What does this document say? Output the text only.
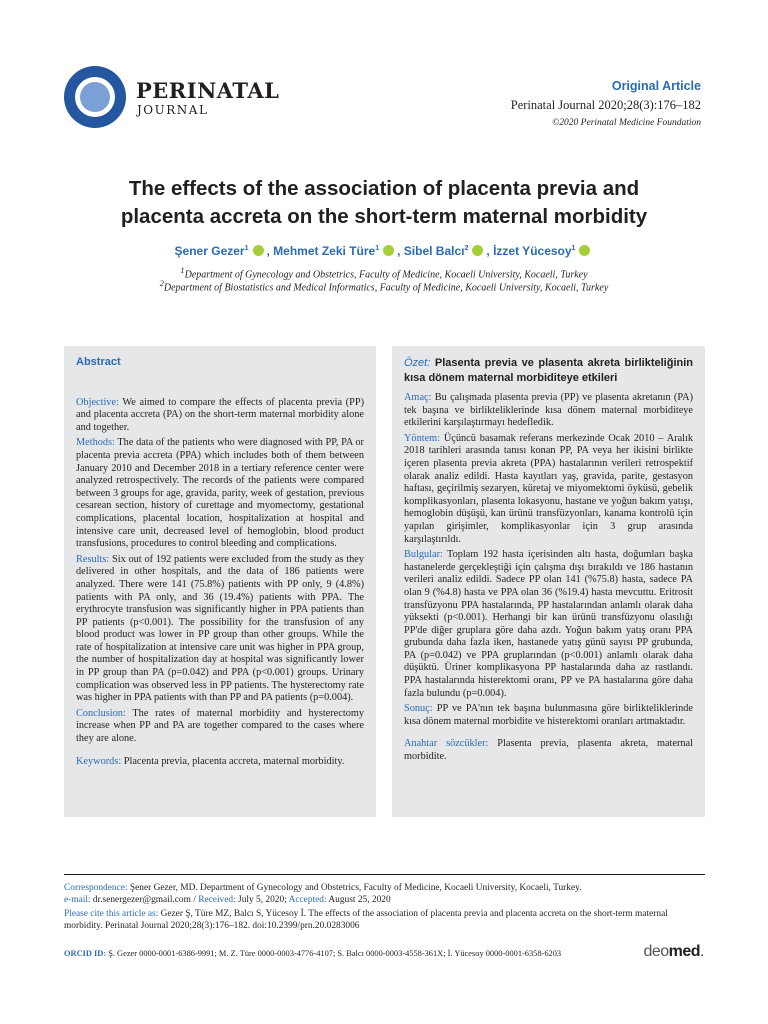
PERINATAL
JOURNAL
Original Article
Perinatal Journal 2020;28(3):176–182
©2020 Perinatal Medicine Foundation
The effects of the association of placenta previa and
placenta accreta on the short-term maternal morbidity
Şener Gezer$^1$ , Mehmet Zeki Türe$^1$ , Sibel Balcı$^2$ , İzzet Yücesoy$^1$
$^1$Department of Gynecology and Obstetrics, Faculty of Medicine, Kocaeli University, Kocaeli, Turkey
$^2$Department of Biostatistics and Medical Informatics, Faculty of Medicine, Kocaeli University, Kocaeli, Turkey
Abstract
Objective: We aimed to compare the effects of placenta previa (PP) and placenta accreta (PA) on the short-term maternal morbidity alone and together.
Methods: The data of the patients who were diagnosed with PP, PA or placenta previa accreta (PPA) which includes both of them between January 2010 and December 2018 in a tertiary reference center were analyzed retrospectively. The records of the patients were compared between 3 groups for age, gravida, parity, week of gestation, previous cesarean section, history of curettage and myomectomy, gestational complications, placental location, hospitalization at hospital and intensive care unit, decreased level of hemoglobin, blood product transfusions, procedures to control bleeding and complications.
Results: Six out of 192 patients were excluded from the study as they delivered in other hospitals, and the data of 186 patients were analyzed. There were 141 (75.8%) patients with PP only, 9 (4.8%) patients with PA only, and 36 (19.4%) patients with PPA. The erythrocyte transfusion was significantly higher in PPA patients than PP patients (p<0.001). The possibility for the transfusion of any blood product was lower in PP group than other groups. While the rate of hospitalization at intensive care unit was higher in PPA group, the number of hospitalization day at hospital was significantly lower in PP group than PA (p=0.042) and PPA (p<0.001) groups. Urinary complication was observed less in PP patients. The hysterectomy rate was higher in PPA patients with than PP and PA patients (p=0.004).
Conclusion: The rates of maternal morbidity and hysterectomy increase when PP and PA are together compared to the cases where they are alone.
Keywords: Placenta previa, placenta accreta, maternal morbidity.
Özet: Plasenta previa ve plasenta akreta birlikteliğinin kısa dönem maternal morbiditeye etkileri
Amaç: Bu çalışmada plasenta previa (PP) ve plasenta akretanın (PA) tek başına ve birlikteliklerinde kısa dönem maternal morbiditeye etkilerini karşılaştırmayı hedefledik.
Yöntem: Üçüncü basamak referans merkezinde Ocak 2010 – Aralık 2018 tarihleri arasında tanısı konan PP, PA veya her ikisini birlikte içeren plasenta previa akreta (PPA) hastalarının verileri retrospektif olarak analiz edildi. Hasta kayıtları yaş, gravida, parite, gestasyon haftası, geçirilmiş sezaryen, küretaj ve miyomektomi öyküsü, gebelik komplikasyonları, plasenta lokasyonu, hastane ve yoğun bakım yatışı, hemoglobin düşüşü, kan ürünü transfüzyonları, kanama kontrolü için yapılan girişimler, komplikasyonlar için 3 grup arasında karşılaştırıldı.
Bulgular: Toplam 192 hasta içerisinden altı hasta, doğumları başka hastanelerde gerçekleştiği için çalışma dışı bırakıldı ve 186 hastanın verileri analiz edildi. Sadece PP olan 141 (%75.8) hasta, sadece PA olan 9 (%4.8) hasta ve PPA olan 36 (%19.4) hasta mevcuttu. Eritrosit transfüzyonu PPA hastalarında, PP hastalarından anlamlı olarak daha yüksekti (p<0.001). Herhangi bir kan ürünü transfüzyonu olasılığı PP'de diğer gruplara göre daha azdı. Yoğun bakım yatış oranı PPA grubunda daha fazla iken, hastanede yatış günü sayısı PP grubunda, PA (p=0.042) ve PPA gruplarından (p<0.001) anlamlı olarak daha düşüktü. Üriner komplikasyona PP hastalarında daha az rastlandı. PPA hastalarında histerektomi oranı, PP ve PA hastalarına göre daha fazla bulundu (p=0.004).
Sonuç: PP ve PA'nın tek başına bulunmasına göre birlikteliklerinde kısa dönem maternal morbidite ve histerektomi oranları artmaktadır.
Anahtar sözcükler: Plasenta previa, plasenta akreta, maternal morbidite.
Correspondence: Şener Gezer, MD. Department of Gynecology and Obstetrics, Faculty of Medicine, Kocaeli University, Kocaeli, Turkey.
e-mail: dr.senergezer@gmail.com / Received: July 5, 2020; Accepted: August 25, 2020
Please cite this article as: Gezer Ş, Türe MZ, Balcı S, Yücesoy İ. The effects of the association of placenta previa and placenta accreta on the short-term maternal morbidity. Perinatal Journal 2020;28(3):176–182. doi:10.2399/prn.20.0283006
ORCID ID: Ş. Gezer 0000-0001-6386-9991; M. Z. Türe 0000-0003-4776-4107; S. Balcı 0000-0003-4558-361X; İ. Yücesoy 0000-0001-6358-6203	deomed.
